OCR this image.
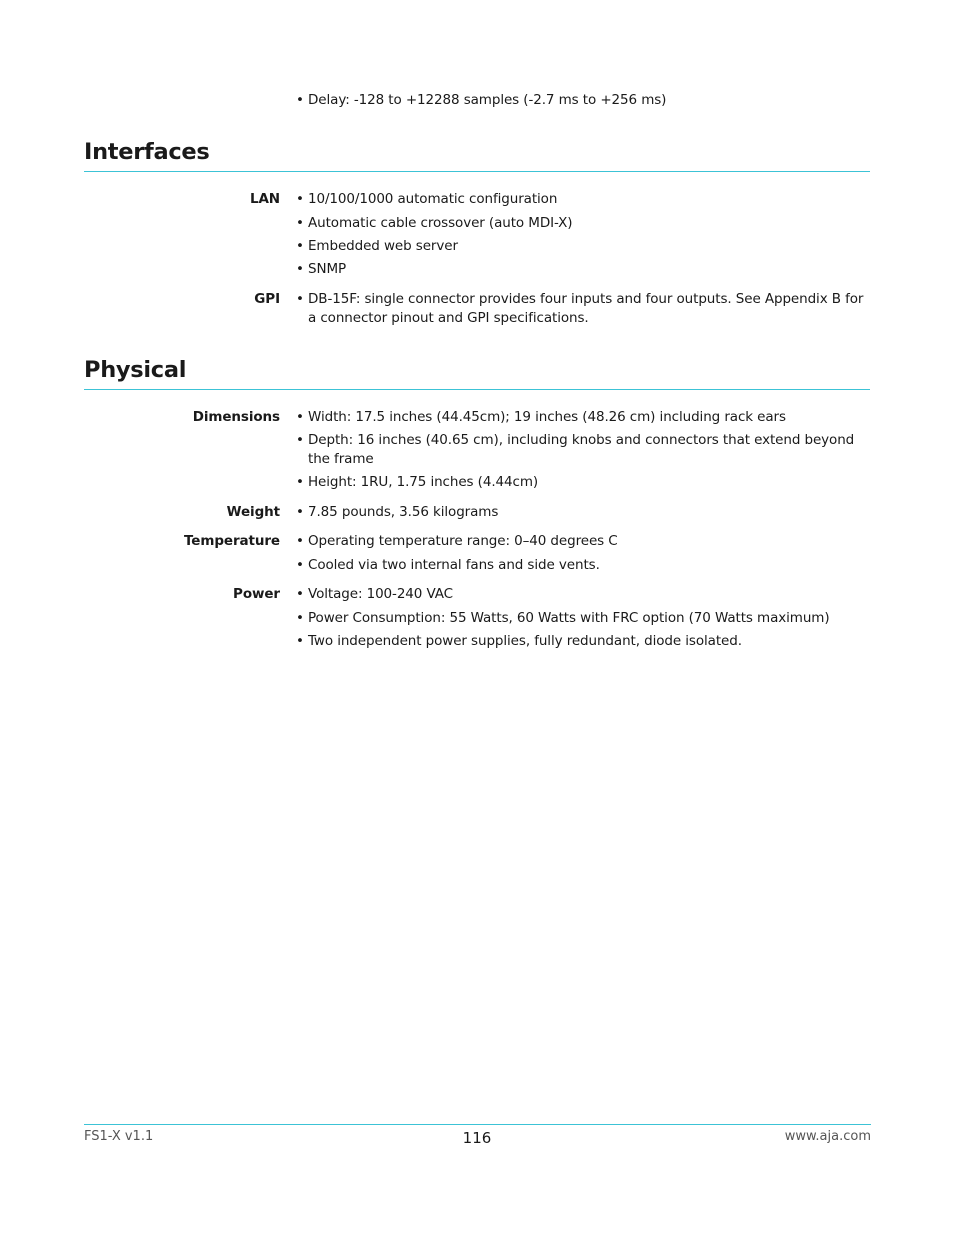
• Delay: -128 to +12288 samples (-2.7 ms to +256 ms)
Interfaces
LAN • 10/100/1000 automatic configuration
• Automatic cable crossover (auto MDI-X)
• Embedded web server
• SNMP
GPI • DB-15F: single connector provides four inputs and four outputs. See Appendix B for a connector pinout and GPI specifications.
Physical
Dimensions • Width: 17.5 inches (44.45cm); 19 inches (48.26 cm) including rack ears
• Depth: 16 inches (40.65 cm), including knobs and connectors that extend beyond the frame
• Height: 1RU, 1.75 inches (4.44cm)
Weight • 7.85 pounds, 3.56 kilograms
Temperature • Operating temperature range: 0–40 degrees C
• Cooled via two internal fans and side vents.
Power • Voltage: 100-240 VAC
• Power Consumption: 55 Watts, 60 Watts with FRC option (70 Watts maximum)
• Two independent power supplies, fully redundant, diode isolated.
FS1-X v1.1	116	www.aja.com
